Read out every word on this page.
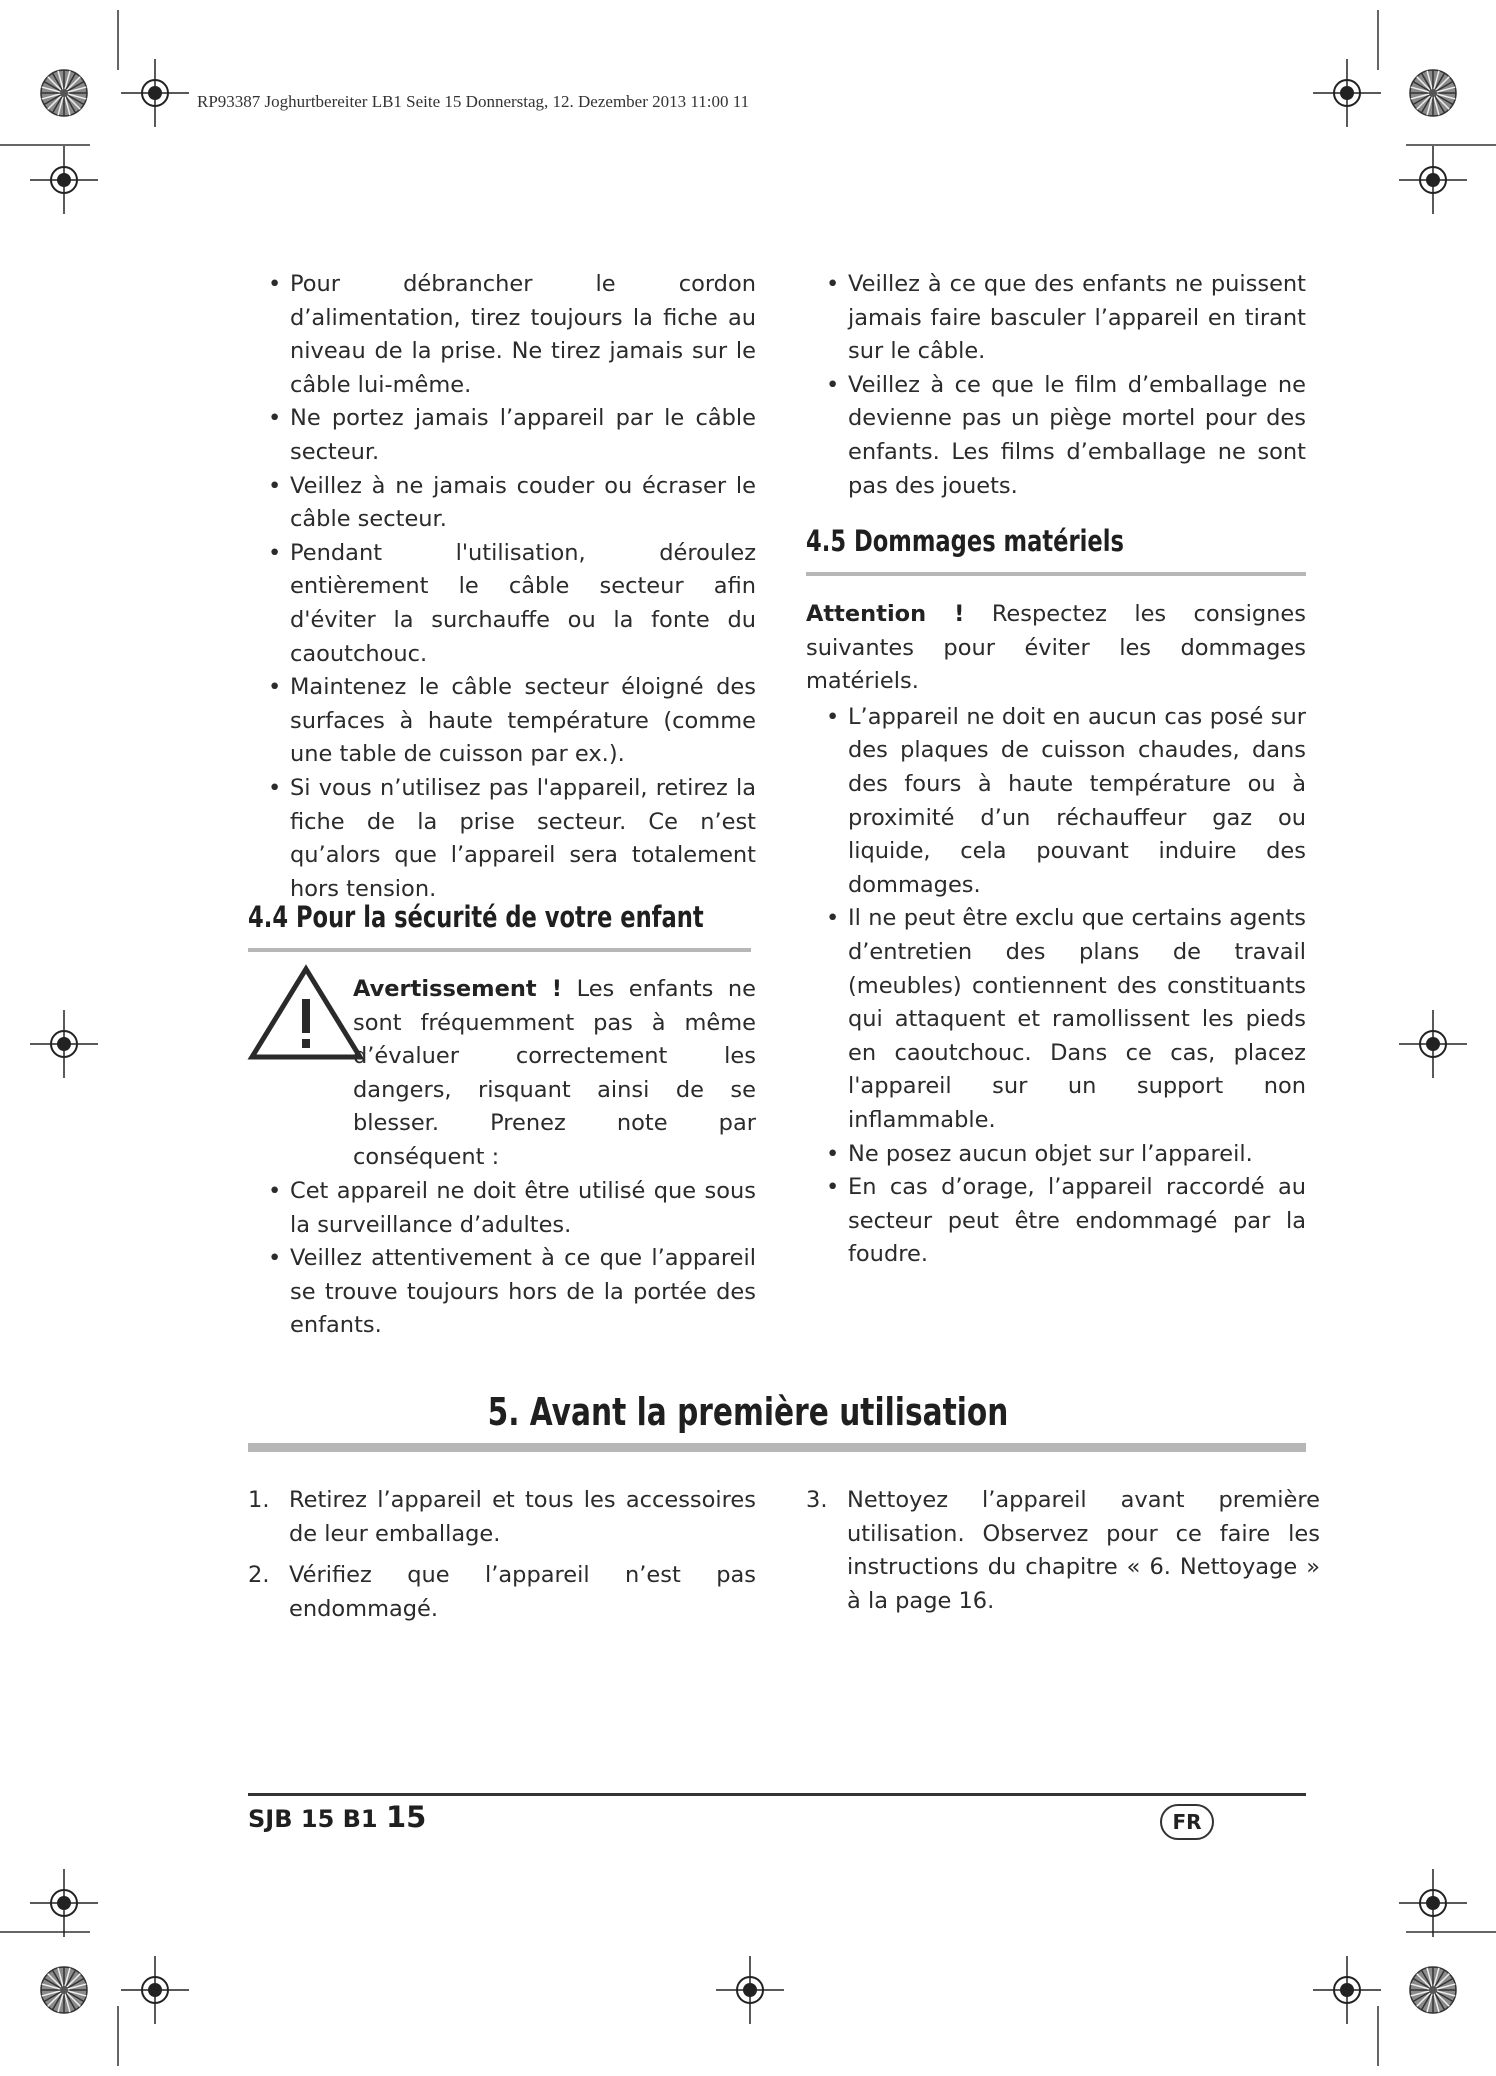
RP93387 Joghurtbereiter LB1 Seite 15 Donnerstag, 12. Dezember 2013 11:00 11
• Pour débrancher le cordon d’alimentation, tirez toujours la fiche au niveau de la prise. Ne tirez jamais sur le câble lui-même.
• Ne portez jamais l’appareil par le câble secteur.
• Veillez à ne jamais couder ou écraser le câble secteur.
• Pendant l'utilisation, déroulez entièrement le câble secteur afin d'éviter la surchauffe ou la fonte du caoutchouc.
• Maintenez le câble secteur éloigné des surfaces à haute température (comme une table de cuisson par ex.).
• Si vous n’utilisez pas l'appareil, retirez la fiche de la prise secteur. Ce n’est qu’alors que l’appareil sera totalement hors tension.
4.4 Pour la sécurité de votre enfant

Avertissement ! Les enfants ne sont fréquemment pas à même d’évaluer correctement les dangers, risquant ainsi de se blesser. Prenez note par conséquent :

• Cet appareil ne doit être utilisé que sous la surveillance d’adultes.
• Veillez attentivement à ce que l’appareil se trouve toujours hors de la portée des enfants.
• Veillez à ce que des enfants ne puissent jamais faire basculer l’appareil en tirant sur le câble.
• Veillez à ce que le film d’emballage ne devienne pas un piège mortel pour des enfants. Les films d’emballage ne sont pas des jouets.
4.5 Dommages matériels

Attention ! Respectez les consignes suivantes pour éviter les dommages matériels.

• L’appareil ne doit en aucun cas posé sur des plaques de cuisson chaudes, dans des fours à haute température ou à proximité d’un réchauffeur gaz ou liquide, cela pouvant induire des dommages.
• Il ne peut être exclu que certains agents d’entretien des plans de travail (meubles) contiennent des constituants qui attaquent et ramollissent les pieds en caoutchouc. Dans ce cas, placez l'appareil sur un support non inflammable.
• Ne posez aucun objet sur l’appareil.
• En cas d’orage, l’appareil raccordé au secteur peut être endommagé par la foudre.
5. Avant la première utilisation
1. Retirez l’appareil et tous les accessoires de leur emballage.
2. Vérifiez que l’appareil n’est pas endommagé.
3. Nettoyez l’appareil avant première utilisation. Observez pour ce faire les instructions du chapitre « 6. Nettoyage » à la page 16.
SJB 15 B1 15	FR
